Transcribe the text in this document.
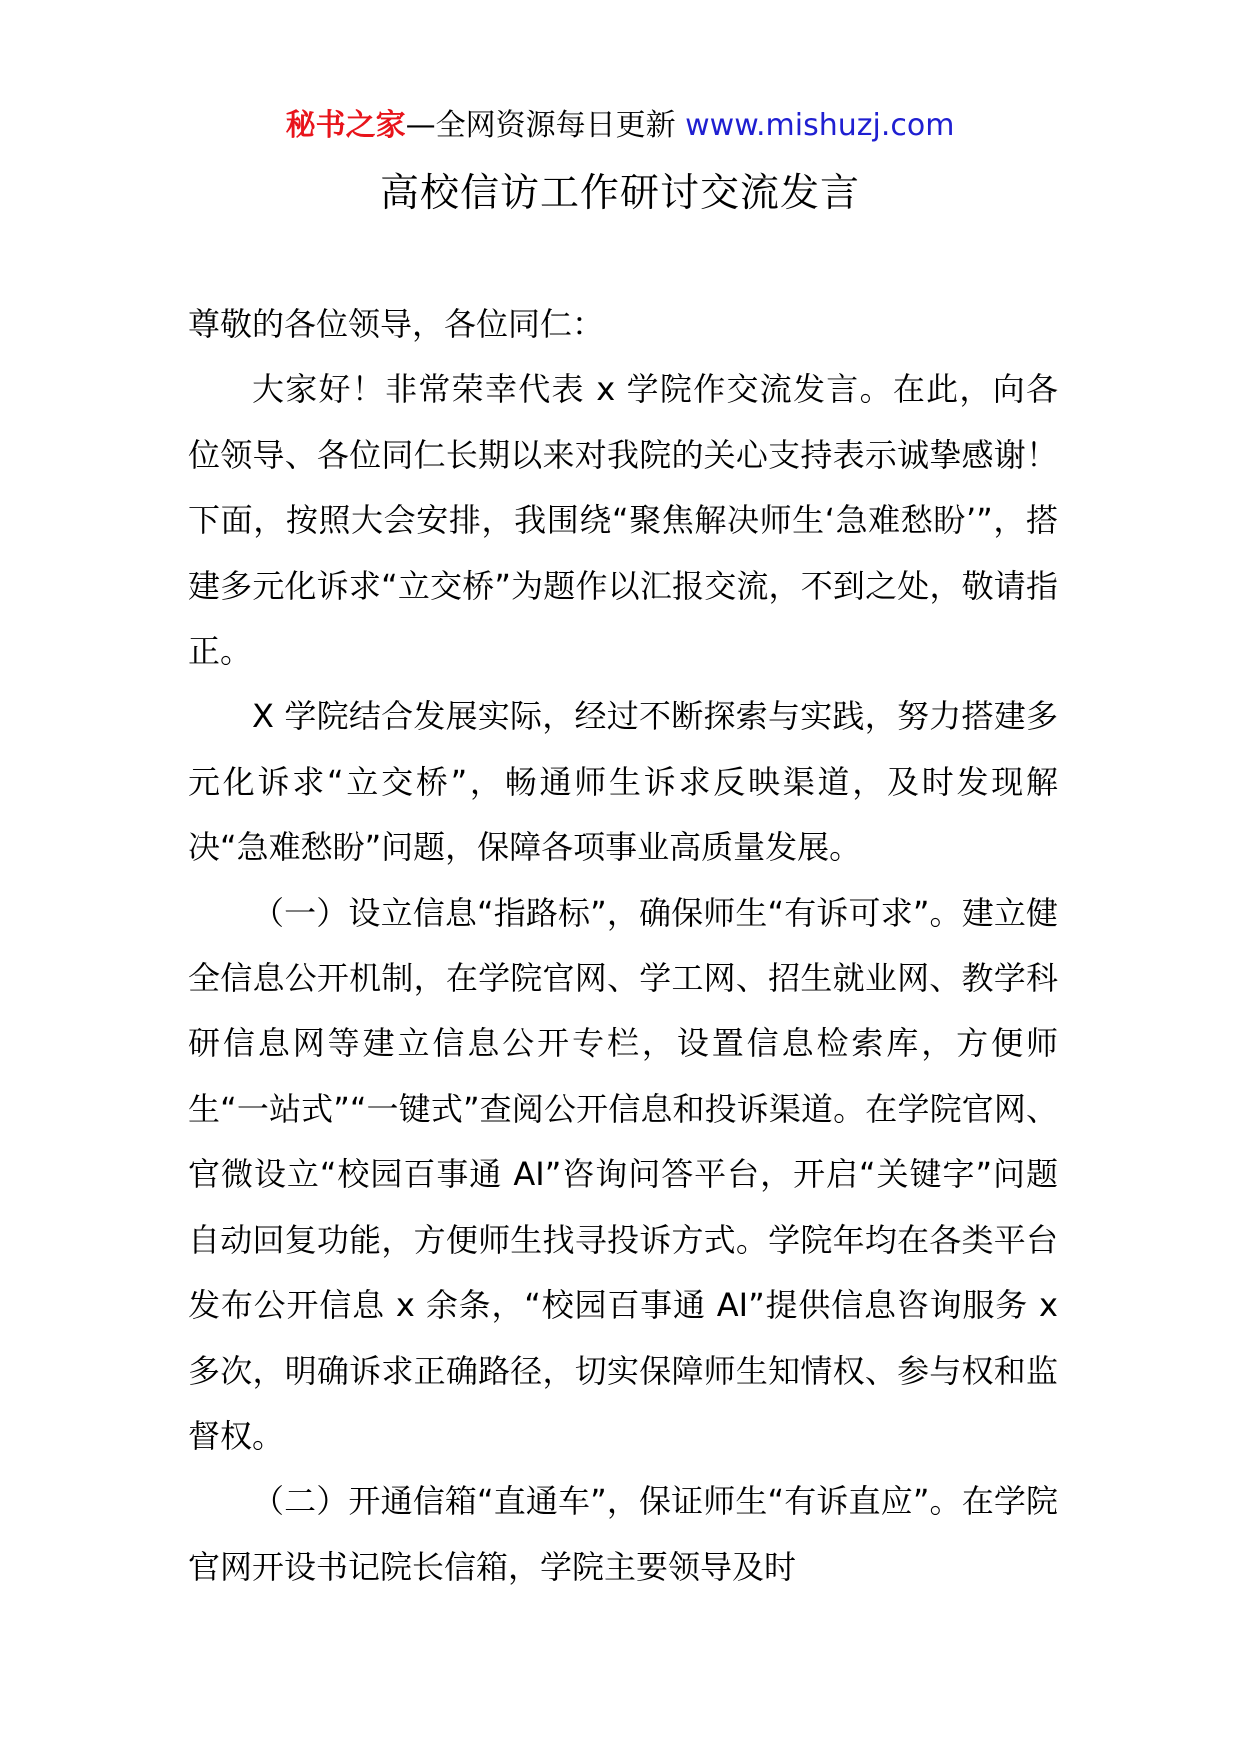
秘书之家—全网资源每日更新 www.mishuzj.com
高校信访工作研讨交流发言

尊敬的各位领导，各位同仁：

大家好！非常荣幸代表 x 学院作交流发言。在此，向各位领导、各位同仁长期以来对我院的关心支持表示诚挚感谢！下面，按照大会安排，我围绕“聚焦解决师生‘急难愁盼’”，搭建多元化诉求“立交桥”为题作以汇报交流，不到之处，敬请指正。

X 学院结合发展实际，经过不断探索与实践，努力搭建多元化诉求“立交桥”，畅通师生诉求反映渠道，及时发现解决“急难愁盼”问题，保障各项事业高质量发展。

（一）设立信息“指路标”，确保师生“有诉可求”。建立健全信息公开机制，在学院官网、学工网、招生就业网、教学科研信息网等建立信息公开专栏，设置信息检索库，方便师生“一站式”“一键式”查阅公开信息和投诉渠道。在学院官网、官微设立“校园百事通 AI”咨询问答平台，开启“关键字”问题自动回复功能，方便师生找寻投诉方式。学院年均在各类平台发布公开信息 x 余条，“校园百事通 AI”提供信息咨询服务 x 多次，明确诉求正确路径，切实保障师生知情权、参与权和监督权。

（二）开通信箱“直通车”，保证师生“有诉直应”。在学院官网开设书记院长信箱，学院主要领导及时
